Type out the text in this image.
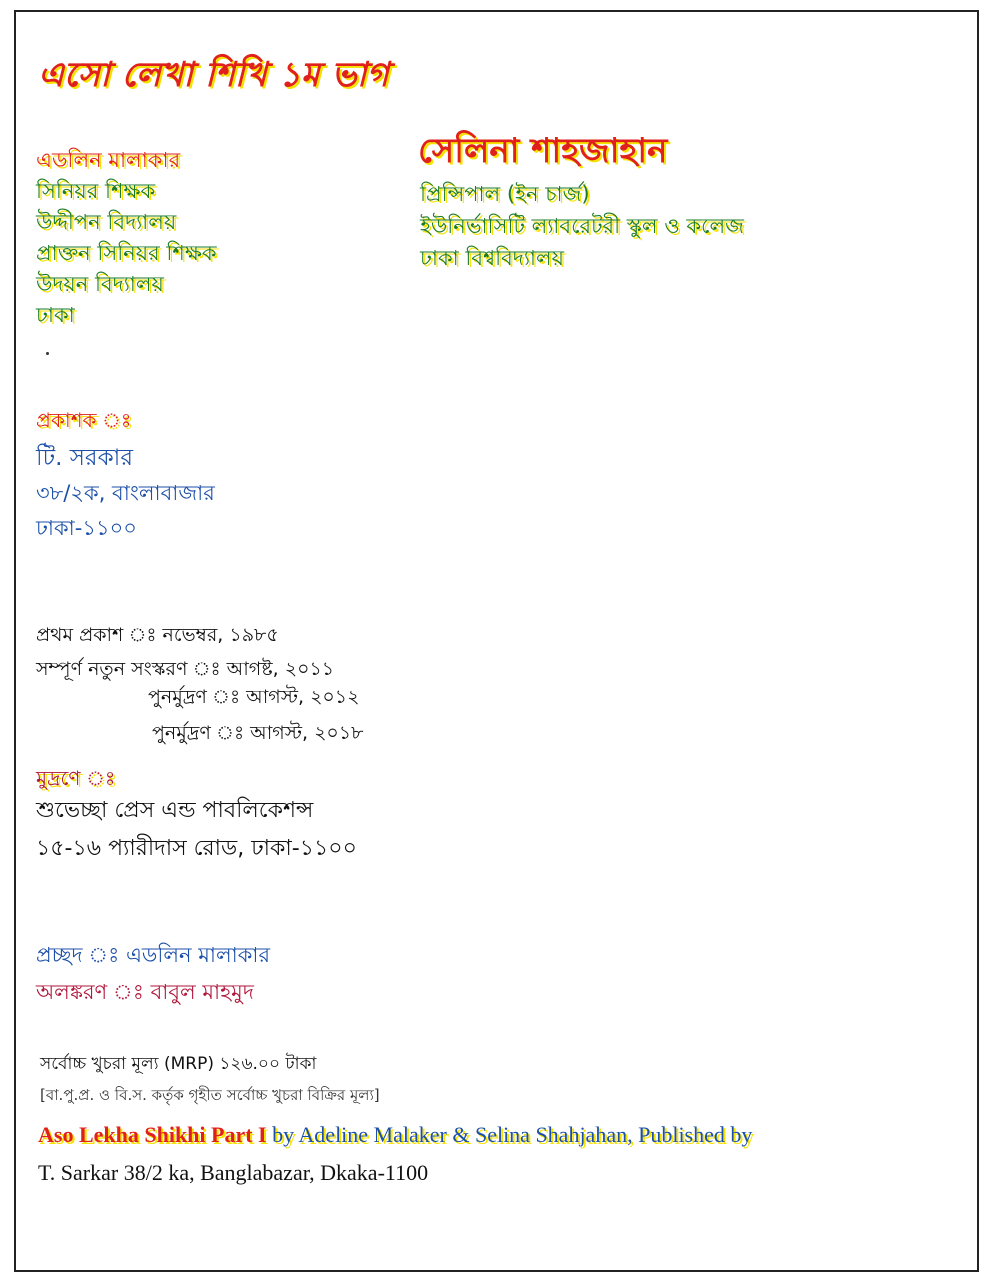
এসো লেখা শিখি ১ম ভাগ
এডলিন মালাকার
সিনিয়র শিক্ষক
উদ্দীপন বিদ্যালয়
প্রাক্তন সিনিয়র শিক্ষক
উদয়ন বিদ্যালয়
ঢাকা
সেলিনা শাহজাহান
প্রিন্সিপাল (ইন চার্জ)
ইউনির্ভাসিটি ল্যাবরেটরী স্কুল ও কলেজ
ঢাকা বিশ্ববিদ্যালয়
প্রকাশক ঃ
টি. সরকার
৩৮/২ক, বাংলাবাজার
ঢাকা-১১০০
প্রথম প্রকাশ ঃ নভেম্বর, ১৯৮৫
সম্পূর্ণ নতুন সংস্করণ ঃ আগষ্ট, ২০১১
পুনর্মুদ্রণ ঃ আগস্ট, ২০১২
পুনর্মুদ্রণ ঃ আগস্ট, ২০১৮
মুদ্রণে ঃ
শুভেচ্ছা প্রেস এন্ড পাবলিকেশন্স
১৫-১৬ প্যারীদাস রোড, ঢাকা-১১০০
প্রচ্ছদ ঃ এডলিন মালাকার
অলঙ্করণ ঃ বাবুল মাহমুদ
সর্বোচ্চ খুচরা মূল্য (MRP) ১২৬.০০ টাকা
[বা.পু.প্র. ও বি.স. কর্তৃক গৃহীত সর্বোচ্চ খুচরা বিক্রির মূল্য]
Aso Lekha Shikhi Part I by Adeline Malaker & Selina Shahjahan, Published by
T. Sarkar 38/2 ka, Banglabazar, Dkaka-1100
